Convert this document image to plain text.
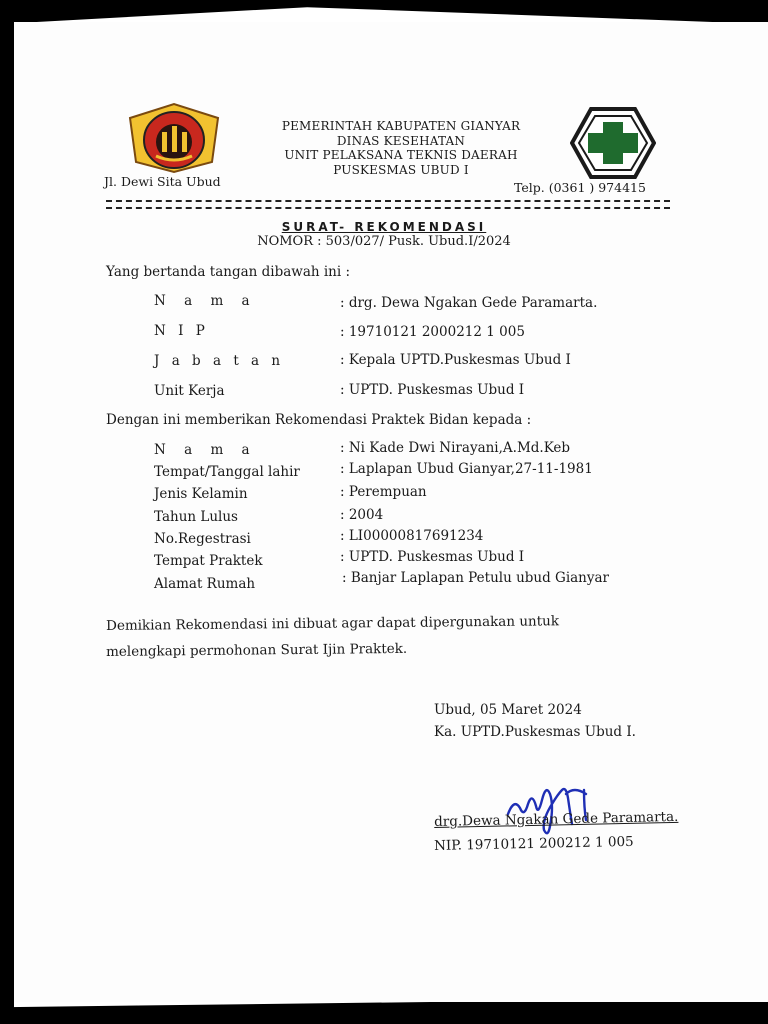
PEMERINTAH KABUPATEN GIANYAR
DINAS KESEHATAN
UNIT PELAKSANA TEKNIS DAERAH
PUSKESMAS UBUD I
Jl. Dewi Sita Ubud	Telp. (0361 ) 974415
SURAT- REKOMENDASI
NOMOR : 503/027/ Pusk. Ubud.I/2024
Yang bertanda tangan dibawah ini :
N a m a	: drg. Dewa Ngakan Gede Paramarta.
N I P	: 19710121 2000212 1 005
J a b a t a n	: Kepala UPTD.Puskesmas Ubud I
Unit Kerja	: UPTD. Puskesmas Ubud I
Dengan ini memberikan Rekomendasi Praktek Bidan kepada :
N a m a	: Ni Kade Dwi Nirayani,A.Md.Keb
Tempat/Tanggal lahir	: Laplapan Ubud Gianyar,27-11-1981
Jenis Kelamin	: Perempuan
Tahun Lulus	: 2004
No.Regestrasi	: LI00000817691234
Tempat Praktek	: UPTD. Puskesmas Ubud I
Alamat Rumah	: Banjar Laplapan Petulu ubud Gianyar
Demikian Rekomendasi ini dibuat agar dapat dipergunakan untuk
melengkapi permohonan Surat Ijin Praktek.
Ubud, 05 Maret 2024
Ka. UPTD.Puskesmas Ubud I.
drg.Dewa Ngakan Gede Paramarta.
NIP. 19710121 200212 1 005
